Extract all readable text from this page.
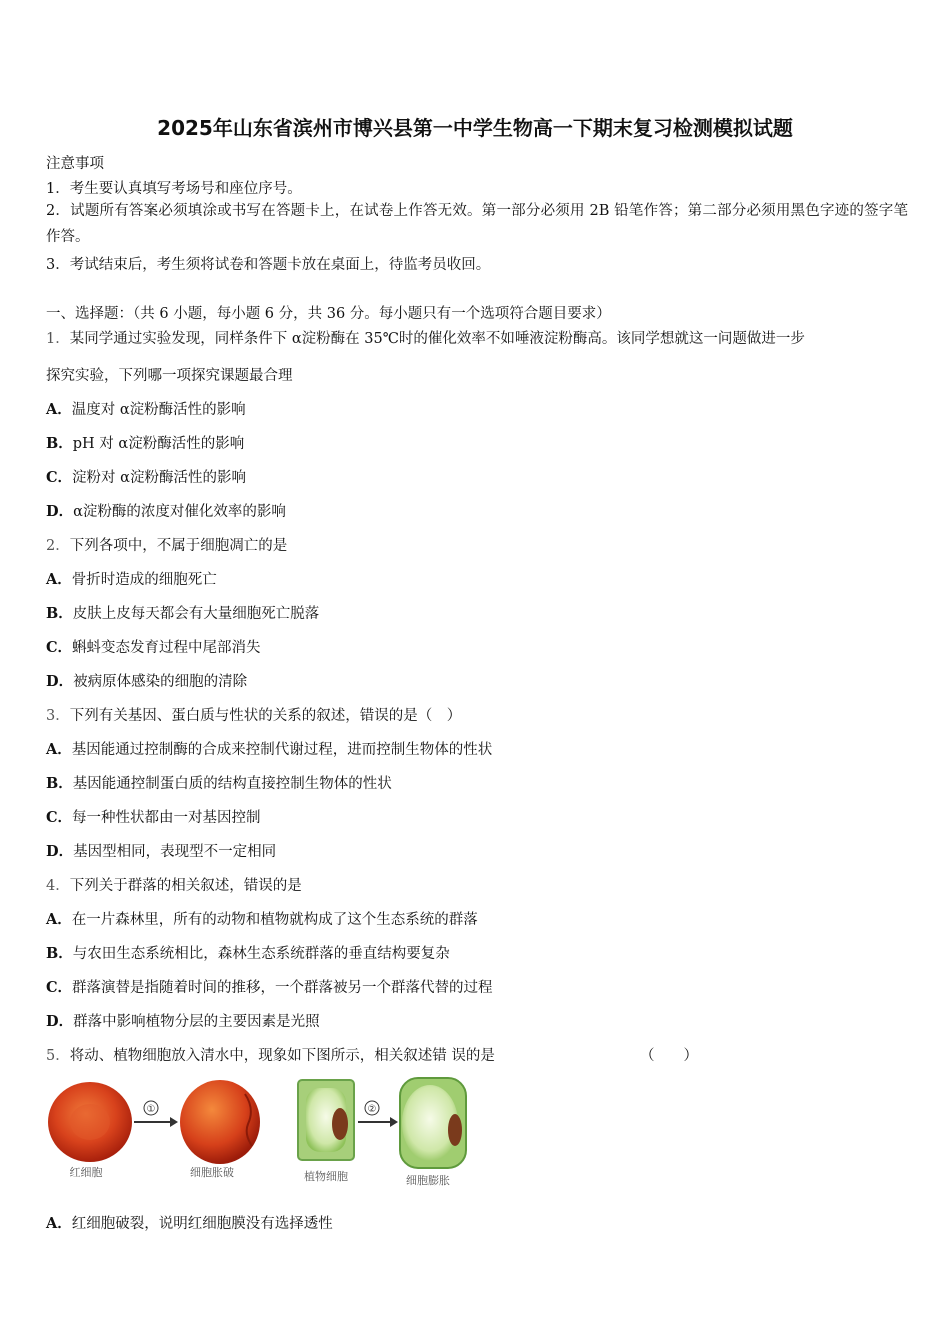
2025年山东省滨州市博兴县第一中学生物高一下期末复习检测模拟试题
注意事项
1．考生要认真填写考场号和座位序号。
2．试题所有答案必须填涂或书写在答题卡上，在试卷上作答无效。第一部分必须用 2B 铅笔作答；第二部分必须用黑色字迹的签字笔作答。
3．考试结束后，考生须将试卷和答题卡放在桌面上，待监考员收回。
一、选择题：（共 6 小题，每小题 6 分，共 36 分。每小题只有一个选项符合题目要求）
1．某同学通过实验发现，同样条件下 α淀粉酶在 35℃时的催化效率不如唾液淀粉酶高。该同学想就这一问题做进一步
探究实验，下列哪一项探究课题最合理
A．温度对 α淀粉酶活性的影响
B．pH 对 α淀粉酶活性的影响
C．淀粉对 α淀粉酶活性的影响
D．α淀粉酶的浓度对催化效率的影响
2．下列各项中，不属于细胞凋亡的是
A．骨折时造成的细胞死亡
B．皮肤上皮每天都会有大量细胞死亡脱落
C．蝌蚪变态发育过程中尾部消失
D．被病原体感染的细胞的清除
3．下列有关基因、蛋白质与性状的关系的叙述，错误的是（　）
A．基因能通过控制酶的合成来控制代谢过程，进而控制生物体的性状
B．基因能通控制蛋白质的结构直接控制生物体的性状
C．每一种性状都由一对基因控制
D．基因型相同，表现型不一定相同
4．下列关于群落的相关叙述，错误的是
A．在一片森林里，所有的动物和植物就构成了这个生态系统的群落
B．与农田生态系统相比，森林生态系统群落的垂直结构要复杂
C．群落演替是指随着时间的推移，一个群落被另一个群落代替的过程
D．群落中影响植物分层的主要因素是光照
5．将动、植物细胞放入清水中，现象如下图所示，相关叙述错 误的是	（　　）
①	②
红细胞	细胞胀破	植物细胞	细胞膨胀
A．红细胞破裂，说明红细胞膜没有选择透性
